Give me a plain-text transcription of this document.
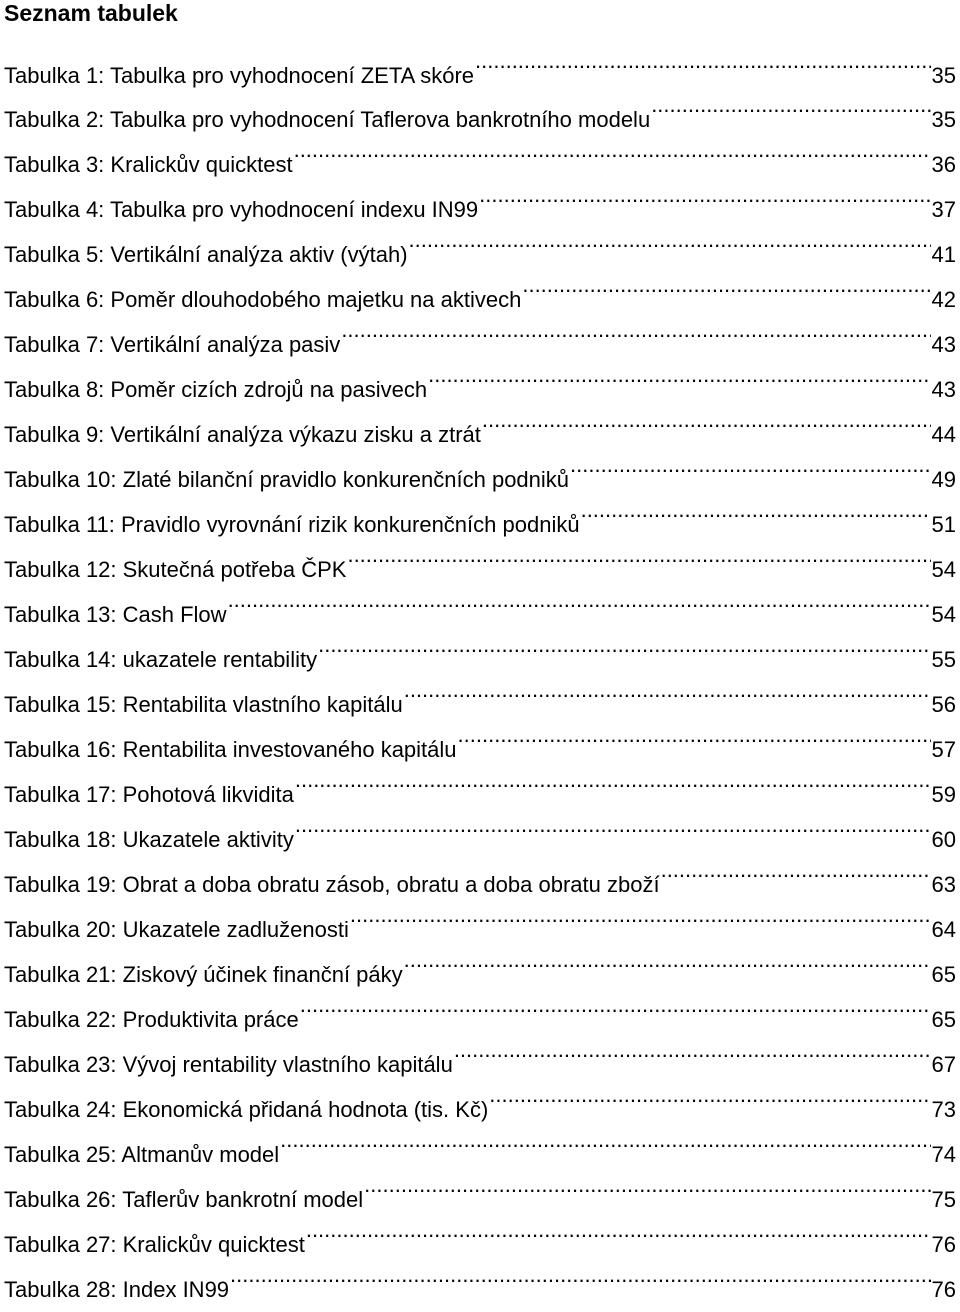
Seznam tabulek
Tabulka 1: Tabulka pro vyhodnocení ZETA skóre .....	35
Tabulka 2: Tabulka pro vyhodnocení Taflerova bankrotního modelu .....	35
Tabulka 3: Kralickův quicktest .....	36
Tabulka 4: Tabulka pro vyhodnocení indexu IN99 .....	37
Tabulka 5: Vertikální analýza aktiv (výtah) .....	41
Tabulka 6: Poměr dlouhodobého majetku na aktivech .....	42
Tabulka 7: Vertikální analýza pasiv .....	43
Tabulka 8: Poměr cizích zdrojů na pasivech .....	43
Tabulka 9: Vertikální analýza výkazu zisku a ztrát .....	44
Tabulka 10: Zlaté bilanční pravidlo konkurenčních podniků .....	49
Tabulka 11: Pravidlo vyrovnání rizik konkurenčních podniků .....	51
Tabulka 12: Skutečná potřeba ČPK .....	54
Tabulka 13: Cash Flow .....	54
Tabulka 14: ukazatele rentability .....	55
Tabulka 15: Rentabilita vlastního kapitálu .....	56
Tabulka 16: Rentabilita investovaného kapitálu .....	57
Tabulka 17: Pohotová likvidita .....	59
Tabulka 18: Ukazatele aktivity .....	60
Tabulka 19: Obrat a doba obratu zásob, obratu a doba obratu zboží .....	63
Tabulka 20: Ukazatele zadluženosti .....	64
Tabulka 21: Ziskový účinek finanční páky .....	65
Tabulka 22: Produktivita práce .....	65
Tabulka 23: Vývoj rentability vlastního kapitálu .....	67
Tabulka 24: Ekonomická přidaná hodnota (tis. Kč) .....	73
Tabulka 25: Altmanův model .....	74
Tabulka 26: Taflerův bankrotní model .....	75
Tabulka 27: Kralickův quicktest .....	76
Tabulka 28: Index IN99 .....	76
